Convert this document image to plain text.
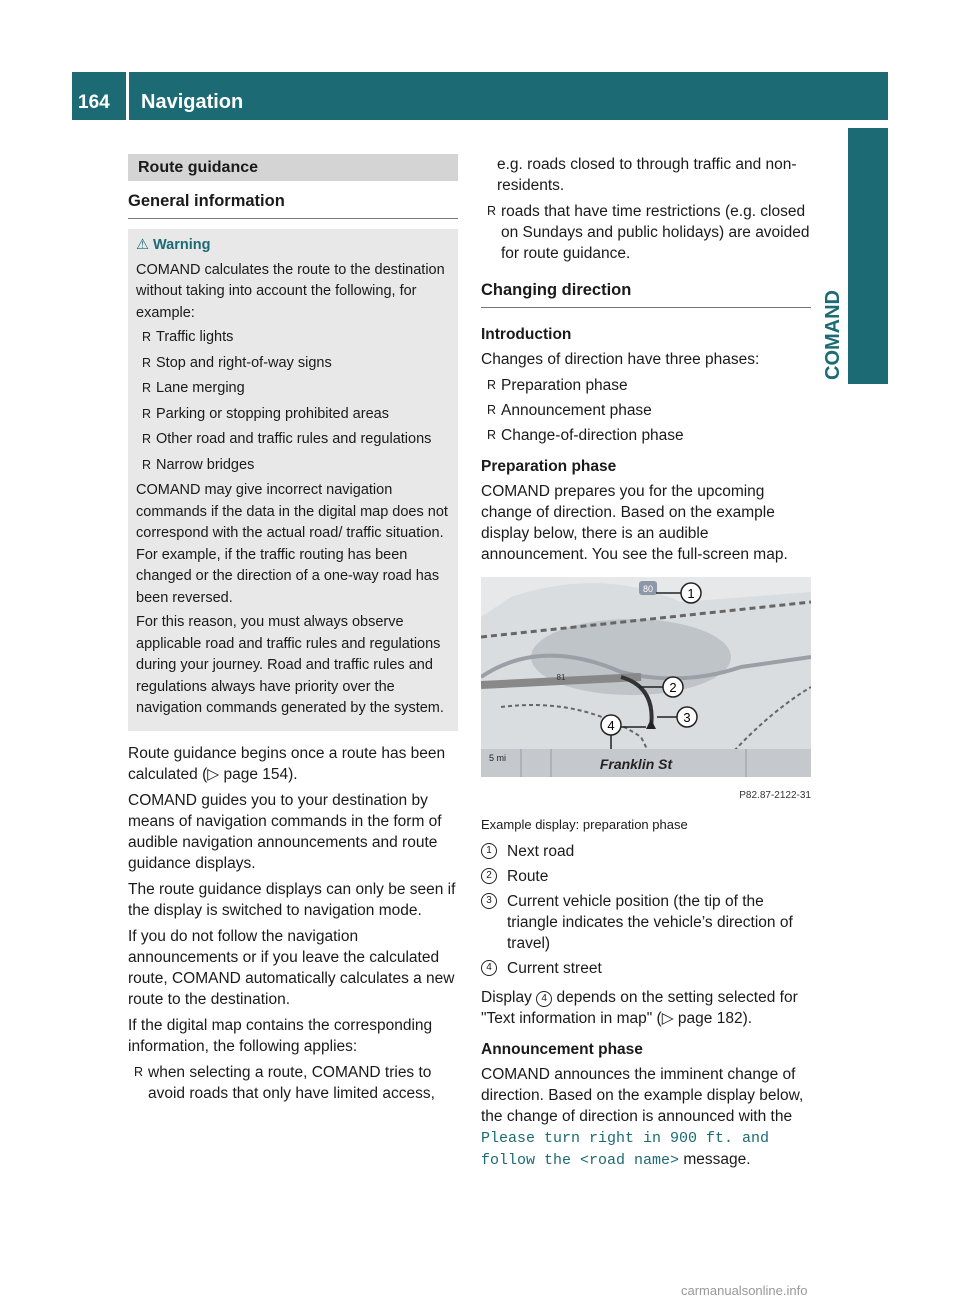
164 Navigation
COMAND
Route guidance
General information

⚠ Warning

COMAND calculates the route to the destination without taking into account the following, for example:

R Traffic lights
R Stop and right-of-way signs
R Lane merging
R Parking or stopping prohibited areas
R Other road and traffic rules and regulations
R Narrow bridges

COMAND may give incorrect navigation commands if the data in the digital map does not correspond with the actual road/ traffic situation. For example, if the traffic routing has been changed or the direction of a one-way road has been reversed.

For this reason, you must always observe applicable road and traffic rules and regulations during your journey. Road and traffic rules and regulations always have priority over the navigation commands generated by the system.

Route guidance begins once a route has been calculated (▷ page 154).

COMAND guides you to your destination by means of navigation commands in the form of audible navigation announcements and route guidance displays.

The route guidance displays can only be seen if the display is switched to navigation mode.

If you do not follow the navigation announcements or if you leave the calculated route, COMAND automatically calculates a new route to the destination.

If the digital map contains the corresponding information, the following applies:

R when selecting a route, COMAND tries to avoid roads that only have limited access,

e.g. roads closed to through traffic and non-residents.

R roads that have time restrictions (e.g. closed on Sundays and public holidays) are avoided for route guidance.
Changing direction
Introduction

Changes of direction have three phases:

R Preparation phase
R Announcement phase
R Change-of-direction phase
Preparation phase

COMAND prepares you for the upcoming change of direction. Based on the example display below, there is an audible announcement. You see the full-screen map.

80
81
1
2
3
4
5 mi	Franklin St
P82.87-2122-31
Example display: preparation phase
1 Next road
2 Route
3 Current vehicle position (the tip of the triangle indicates the vehicle’s direction of travel)
4 Current street

Display 4 depends on the setting selected for "Text information in map" (▷ page 182).

Announcement phase

COMAND announces the imminent change of direction. Based on the example display below, the change of direction is announced with the Please turn right in 900 ft. and follow the <road name> message.

carmanualsonline.info
